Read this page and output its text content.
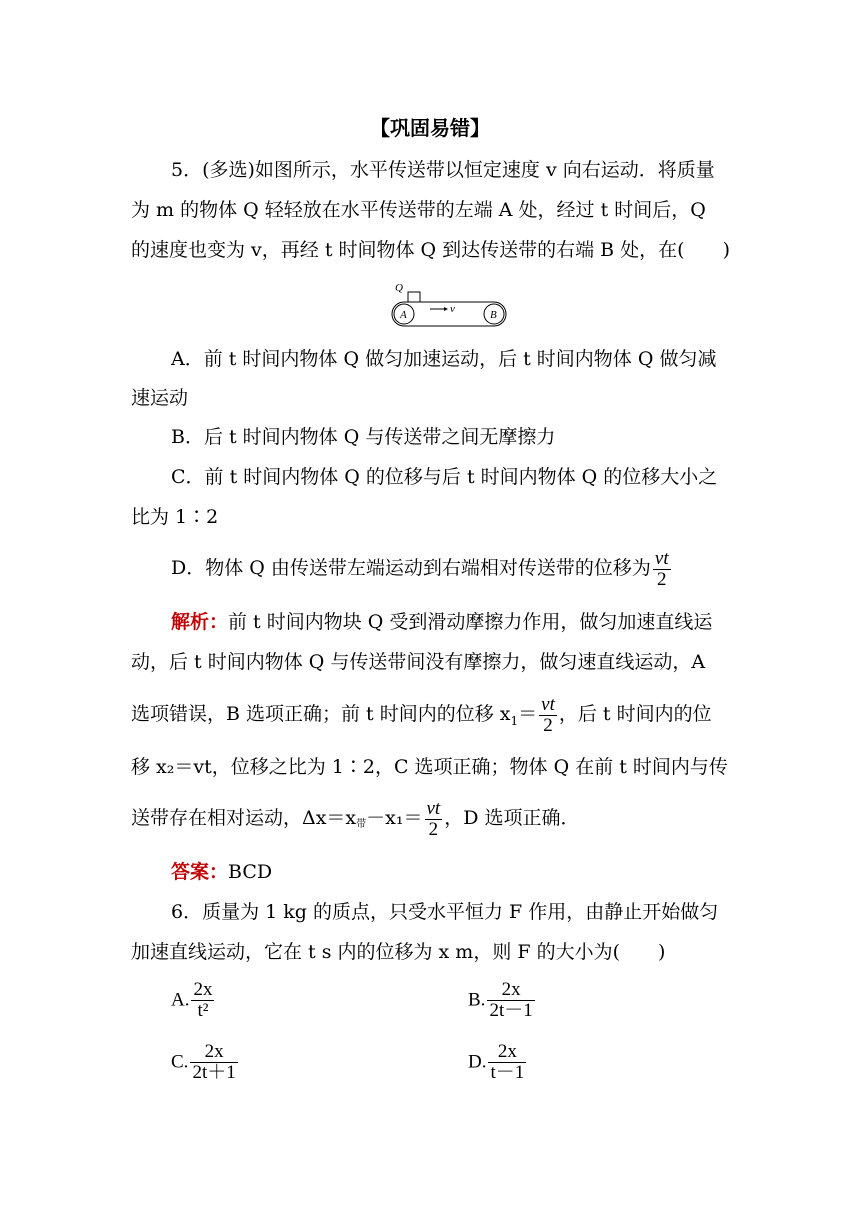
【巩固易错】
5．(多选)如图所示，水平传送带以恒定速度 v 向右运动．将质量
为 m 的物体 Q 轻轻放在水平传送带的左端 A 处，经过 t 时间后，Q
的速度也变为 v，再经 t 时间物体 Q 到达传送带的右端 B 处，在(　　)
Q
A	B
v
A．前 t 时间内物体 Q 做匀加速运动，后 t 时间内物体 Q 做匀减
速运动
B．后 t 时间内物体 Q 与传送带之间无摩擦力
C．前 t 时间内物体 Q 的位移与后 t 时间内物体 Q 的位移大小之
比为 1∶2
D．物体 Q 由传送带左端运动到右端相对传送带的位移为 $\frac{vt}{2}$
解析：前 t 时间内物块 Q 受到滑动摩擦力作用，做匀加速直线运
动，后 t 时间内物体 Q 与传送带间没有摩擦力，做匀速直线运动，A
选项错误，B 选项正确；前 t 时间内的位移 $x_1= \frac{vt}{2}$ ，后 t 时间内的位
移 x₂＝vt，位移之比为 1∶2，C 选项正确；物体 Q 在前 t 时间内与传
送带存在相对运动，Δx＝x带$-x_1= \frac{vt}{2}$ ，D 选项正确．
答案：BCD
6．质量为 1 kg 的质点，只受水平恒力 F 作用，由静止开始做匀
加速直线运动，它在 t s 内的位移为 x m，则 F 的大小为(　　)
A. $\frac{2x}{\text{t²}}$	B. $\frac{2x}{2t-1}$
C. $\frac{2x}{2t+1}$	D. $\frac{2x}{t-1}$
